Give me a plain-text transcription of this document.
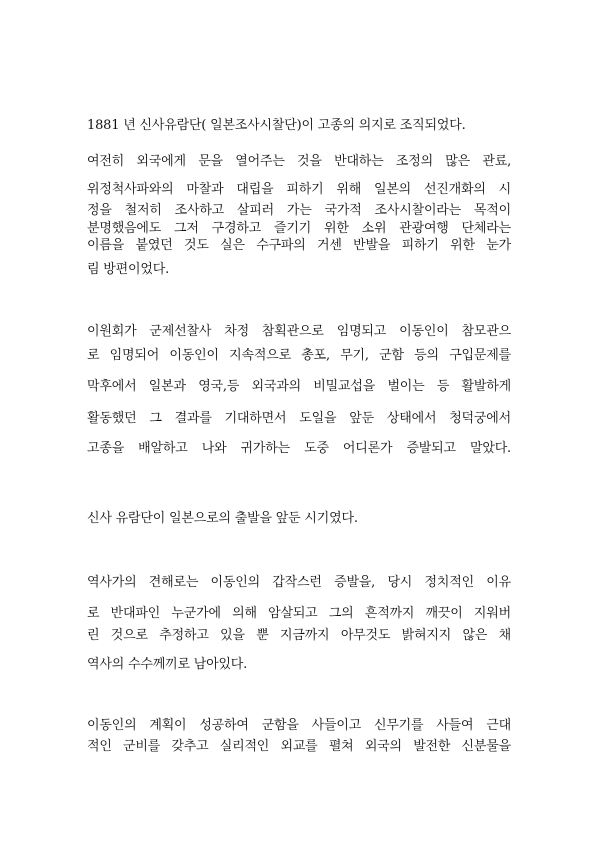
1881 년 신사유람단( 일본조사시찰단)이 고종의 의지로 조직되었다.
여전히 외국에게 문을 열어주는 것을 반대하는 조정의 많은 관료,
위정척사파와의 마찰과 대립을 피하기 위해 일본의 선진개화의 시
정을 철저히 조사하고 살피러 가는 국가적 조사시찰이라는 목적이
분명했음에도 그저 구경하고 즐기기 위한 소위 관광여행 단체라는
이름을 붙였던 것도 실은 수구파의 거센 반발을 피하기 위한 눈가
림 방편이었다.
이원회가 군제선찰사 차정 참획관으로 임명되고 이동인이 참모관으
로 임명되어 이동인이 지속적으로 총포, 무기, 군함 등의 구입문제를
막후에서 일본과 영국,등 외국과의 비밀교섭을 벌이는 등 활발하게
활동했던 그 결과를 기대하면서 도일을 앞둔 상태에서 청덕궁에서
고종을 배알하고 나와 귀가하는 도중 어디론가 증발되고 말았다.
신사 유람단이 일본으로의 출발을 앞둔 시기였다.
역사가의 견해로는 이동인의 갑작스런 증발을, 당시 정치적인 이유
로 반대파인 누군가에 의해 암살되고 그의 흔적까지 깨끗이 지워버
린 것으로 추정하고 있을 뿐 지금까지 아무것도 밝혀지지 않은 채
역사의 수수께끼로 남아있다.
이동인의 계획이 성공하여 군함을 사들이고 신무기를 사들여 근대
적인 군비를 갖추고 실리적인 외교를 펼쳐 외국의 발전한 신분물을
